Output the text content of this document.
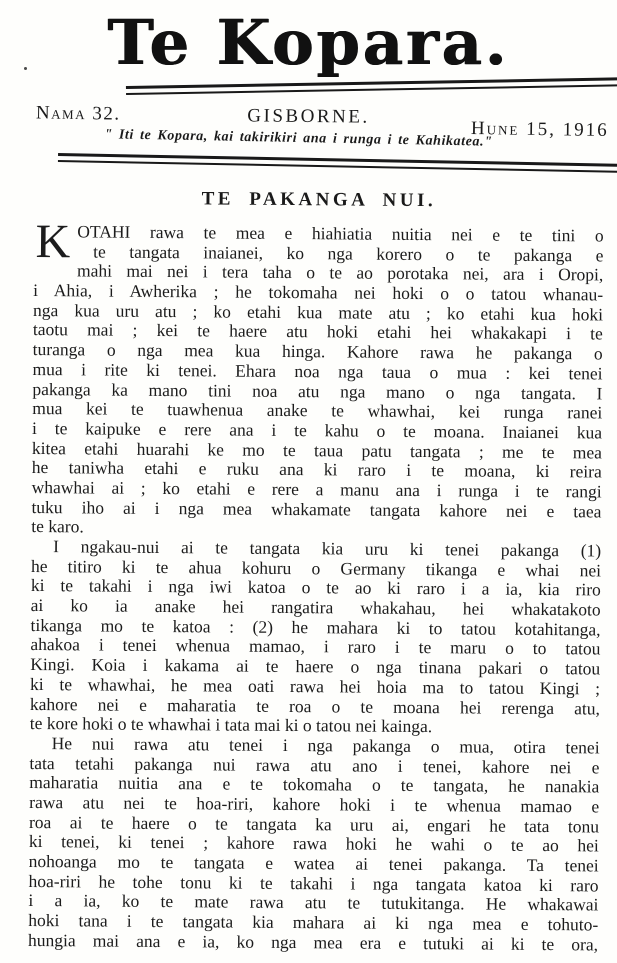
Te Kopara.
Nama 32.	GISBORNE.
Hune 15, 1916
" Iti te Kopara, kai takirikiri ana i runga i te Kahikatea."
TE PAKANGA NUI.
K OTAHI rawa te mea e hiahiatia nuitia nei e te tini o
te tangata inaianei, ko nga korero o te pakanga e
mahi mai nei i tera taha o te ao porotaka nei, ara i Oropi,
i Ahia, i Awherika ; he tokomaha nei hoki o o tatou whanau-
nga kua uru atu ; ko etahi kua mate atu ; ko etahi kua hoki
taotu mai ; kei te haere atu hoki etahi hei whakakapi i te
turanga o nga mea kua hinga. Kahore rawa he pakanga o
mua i rite ki tenei. Ehara noa nga taua o mua : kei tenei
pakanga ka mano tini noa atu nga mano o nga tangata. I
mua kei te tuawhenua anake te whawhai, kei runga ranei
i te kaipuke e rere ana i te kahu o te moana. Inaianei kua
kitea etahi huarahi ke mo te taua patu tangata ; me te mea
he taniwha etahi e ruku ana ki raro i te moana, ki reira
whawhai ai ; ko etahi e rere a manu ana i runga i te rangi
tuku iho ai i nga mea whakamate tangata kahore nei e taea
te karo.
I ngakau-nui ai te tangata kia uru ki tenei pakanga (1)
he titiro ki te ahua kohuru o Germany tikanga e whai nei
ki te takahi i nga iwi katoa o te ao ki raro i a ia, kia riro
ai ko ia anake hei rangatira whakahau, hei whakatakoto
tikanga mo te katoa : (2) he mahara ki to tatou kotahitanga,
ahakoa i tenei whenua mamao, i raro i te maru o to tatou
Kingi. Koia i kakama ai te haere o nga tinana pakari o tatou
ki te whawhai, he mea oati rawa hei hoia ma to tatou Kingi ;
kahore nei e maharatia te roa o te moana hei rerenga atu,
te kore hoki o te whawhai i tata mai ki o tatou nei kainga.
He nui rawa atu tenei i nga pakanga o mua, otira tenei
tata tetahi pakanga nui rawa atu ano i tenei, kahore nei e
maharatia nuitia ana e te tokomaha o te tangata, he nanakia
rawa atu nei te hoa-riri, kahore hoki i te whenua mamao e
roa ai te haere o te tangata ka uru ai, engari he tata tonu
ki tenei, ki tenei ; kahore rawa hoki he wahi o te ao hei
nohoanga mo te tangata e watea ai tenei pakanga. Ta tenei
hoa-riri he tohe tonu ki te takahi i nga tangata katoa ki raro
i a ia, ko te mate rawa atu te tutukitanga. He whakawai
hoki tana i te tangata kia mahara ai ki nga mea e tohuto-
hungia mai ana e ia, ko nga mea era e tutuki ai ki te ora,
